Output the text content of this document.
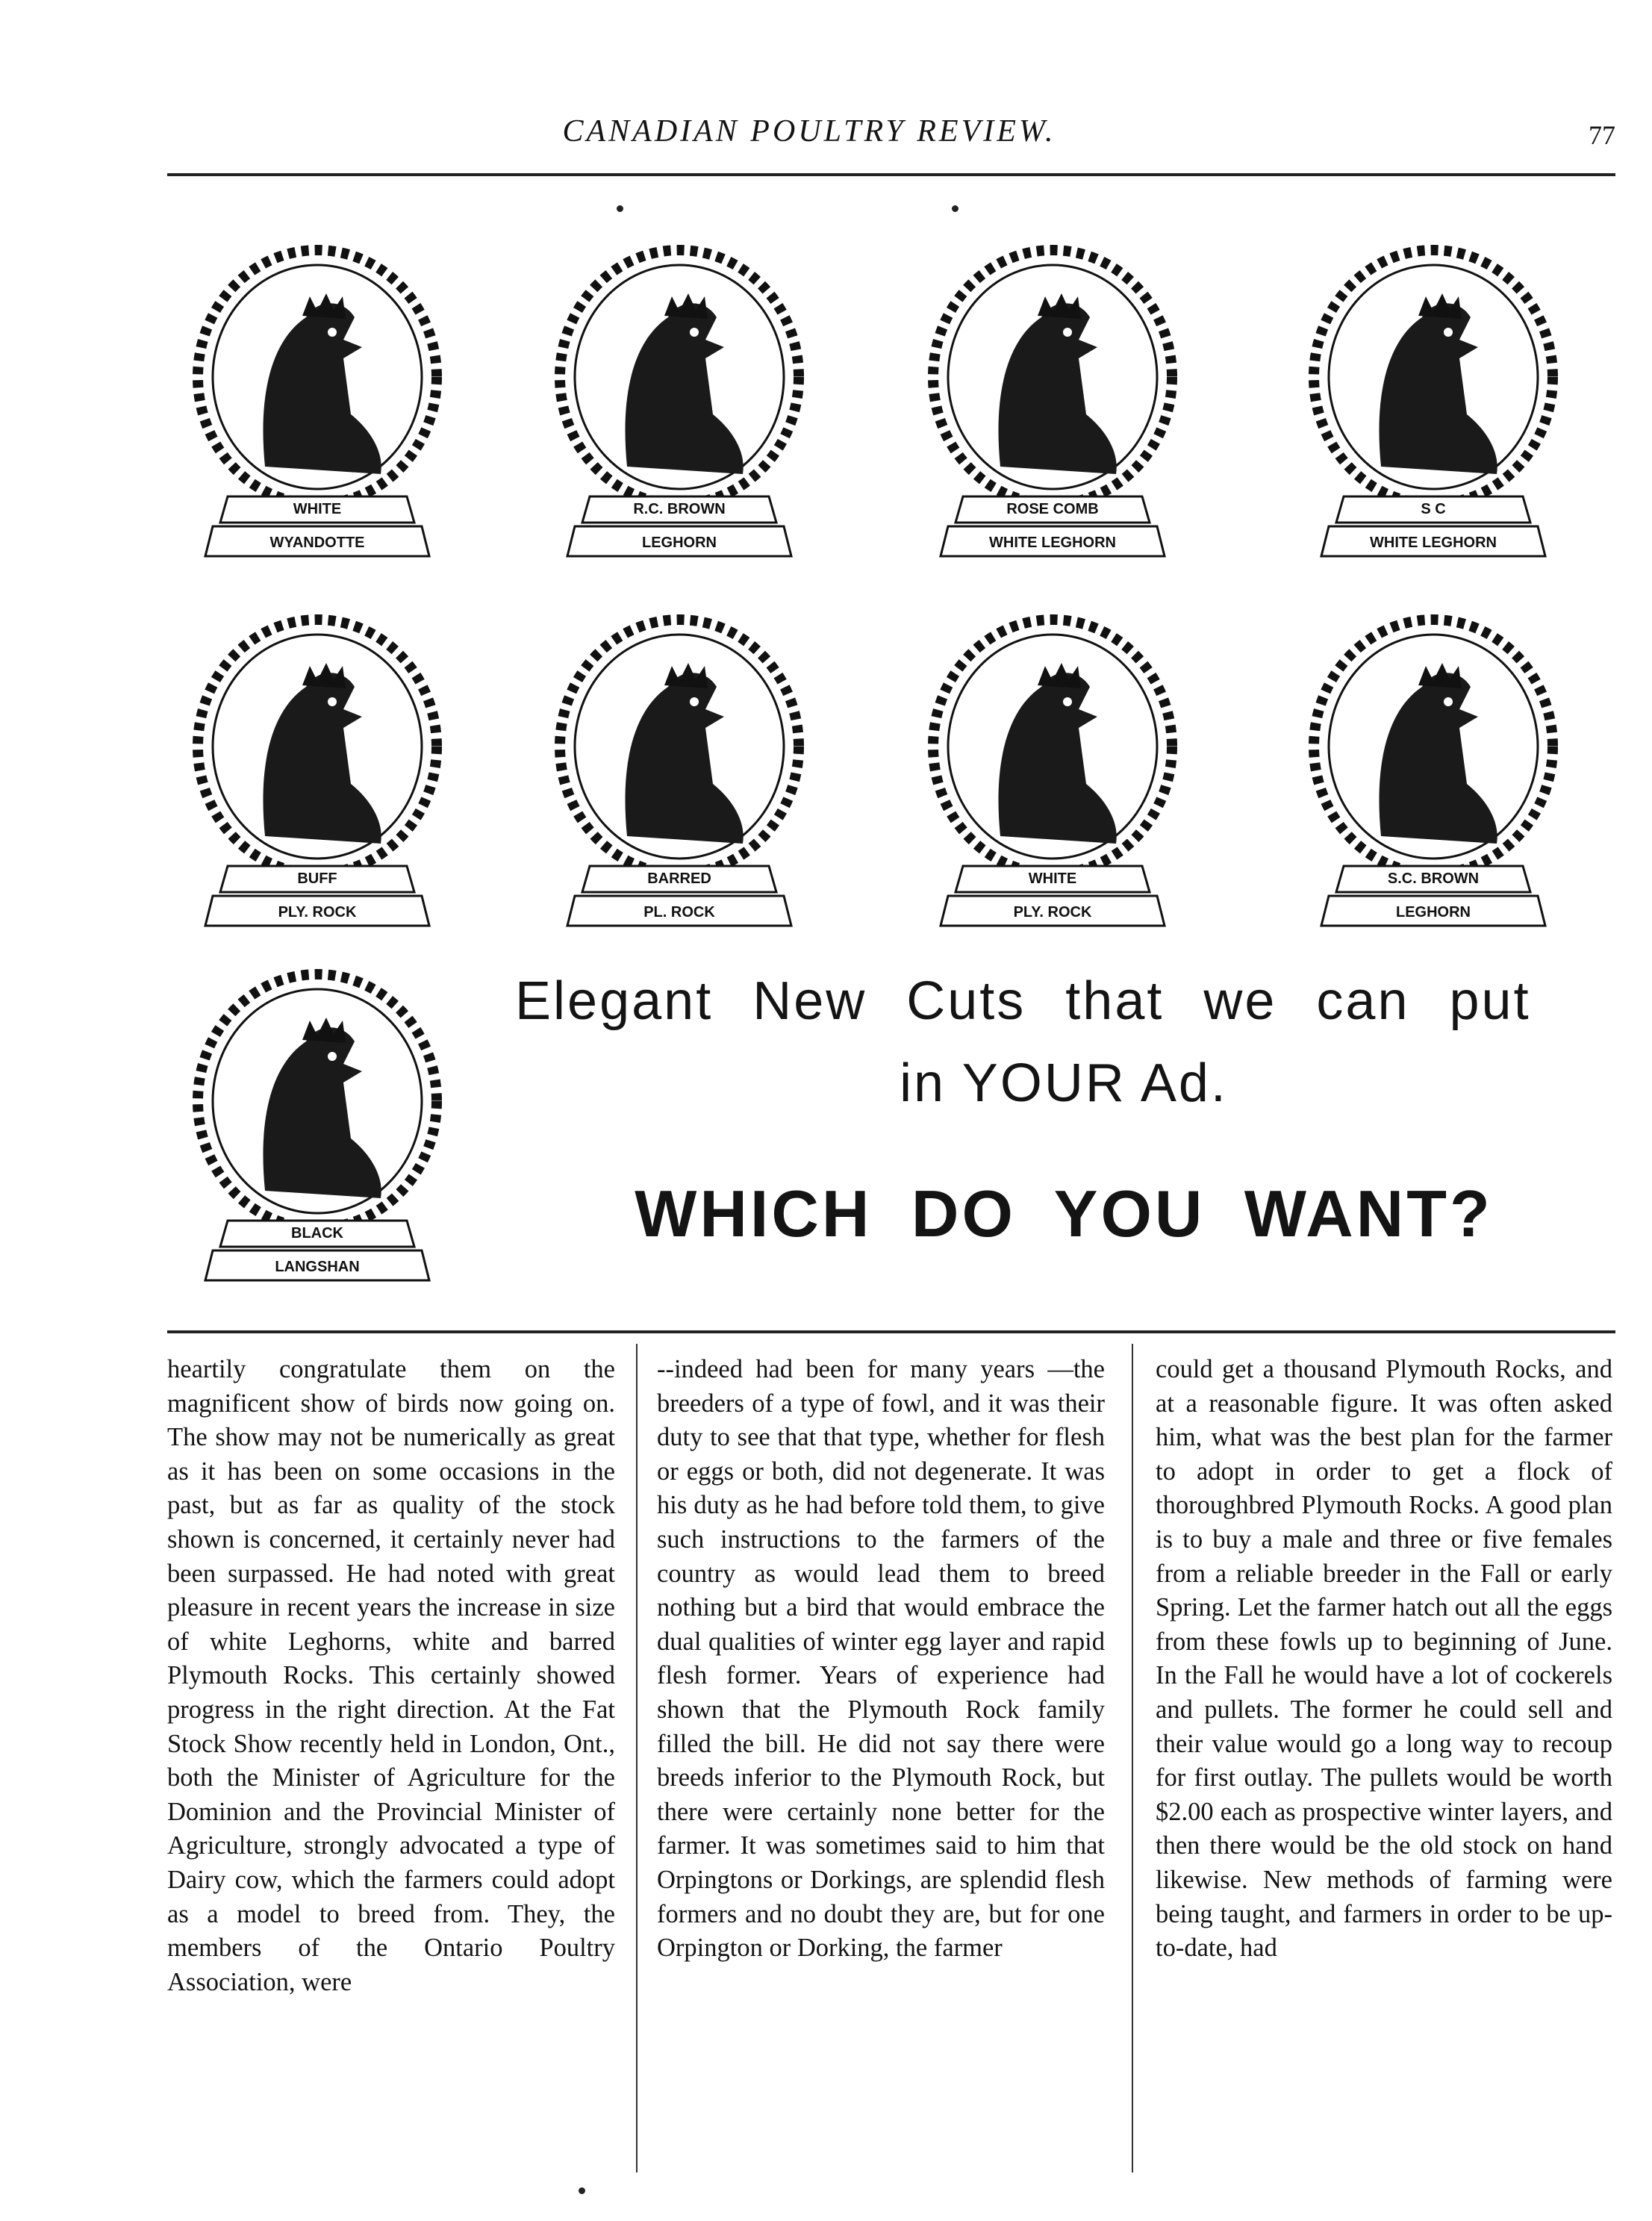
CANADIAN POULTRY REVIEW.	77
WHITE
WYANDOTTE
R.C. BROWN
LEGHORN
ROSE COMB
WHITE LEGHORN
S C
WHITE LEGHORN
BUFF
PLY. ROCK
BARRED
PL. ROCK
WHITE
PLY. ROCK
S.C. BROWN
LEGHORN
BLACK
LANGSHAN
Elegant New Cuts that we can put
in YOUR Ad.
WHICH DO YOU WANT?
heartily congratulate them on the magnificent show of birds now going on. The show may not be numerically as great as it has been on some occasions in the past, but as far as quality of the stock shown is concerned, it certainly never had been surpassed. He had noted with great pleasure in recent years the increase in size of white Leghorns, white and barred Plymouth Rocks. This certainly showed progress in the right direction. At the Fat Stock Show recently held in London, Ont., both the Minister of Agriculture for the Dominion and the Provincial Minister of Agriculture, strongly advocated a type of Dairy cow, which the farmers could adopt as a model to breed from. They, the members of the Ontario Poultry Association, were
--indeed had been for many years —the breeders of a type of fowl, and it was their duty to see that that type, whether for flesh or eggs or both, did not degenerate. It was his duty as he had before told them, to give such instructions to the farmers of the country as would lead them to breed nothing but a bird that would embrace the dual qualities of winter egg layer and rapid flesh former. Years of experience had shown that the Plymouth Rock family filled the bill. He did not say there were breeds inferior to the Plymouth Rock, but there were certainly none better for the farmer. It was sometimes said to him that Orpingtons or Dorkings, are splendid flesh formers and no doubt they are, but for one Orpington or Dorking, the farmer
could get a thousand Plymouth Rocks, and at a reasonable figure. It was often asked him, what was the best plan for the farmer to adopt in order to get a flock of thoroughbred Plymouth Rocks. A good plan is to buy a male and three or five females from a reliable breeder in the Fall or early Spring. Let the farmer hatch out all the eggs from these fowls up to beginning of June. In the Fall he would have a lot of cockerels and pullets. The former he could sell and their value would go a long way to recoup for first outlay. The pullets would be worth $2.00 each as prospective winter layers, and then there would be the old stock on hand likewise. New methods of farming were being taught, and farmers in order to be up-to-date, had
